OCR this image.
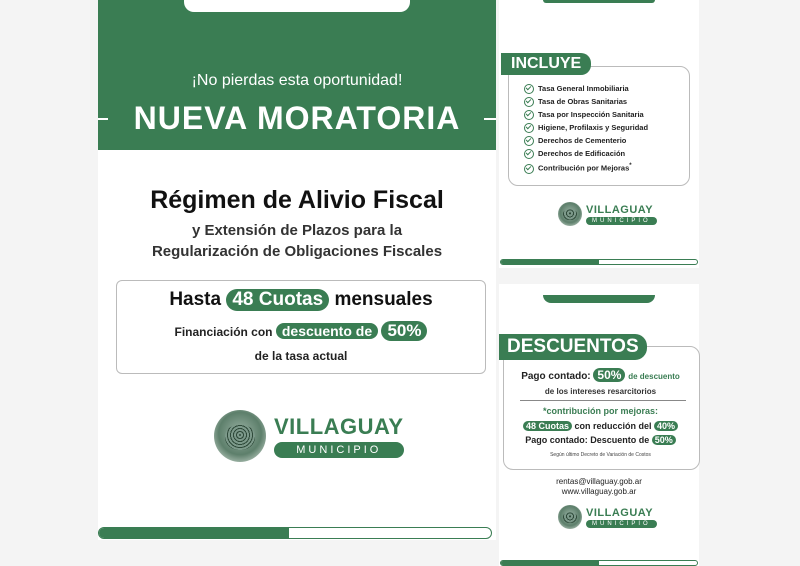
¡No pierdas esta oportunidad!
NUEVA MORATORIA
Régimen de Alivio Fiscal
y Extensión de Plazos para la
Regularización de Obligaciones Fiscales
Hasta 48 Cuotas mensuales
Financiación con descuento de 50%
de la tasa actual
VILLAGUAY
MUNICIPIO
INCLUYE
Tasa General Inmobiliaria
Tasa de Obras Sanitarias
Tasa por Inspección Sanitaria
Higiene, Profilaxis y Seguridad
Derechos de Cementerio
Derechos de Edificación
Contribución por Mejoras*
VILLAGUAY
MUNICIPIO
DESCUENTOS
Pago contado: 50% de descuento
de los intereses resarcitorios
*contribución por mejoras:
48 Cuotas con reducción del 40%
Pago contado: Descuento de 50%
Según último Decreto de Variación de Costos
rentas@villaguay.gob.ar
www.villaguay.gob.ar
VILLAGUAY
MUNICIPIO
